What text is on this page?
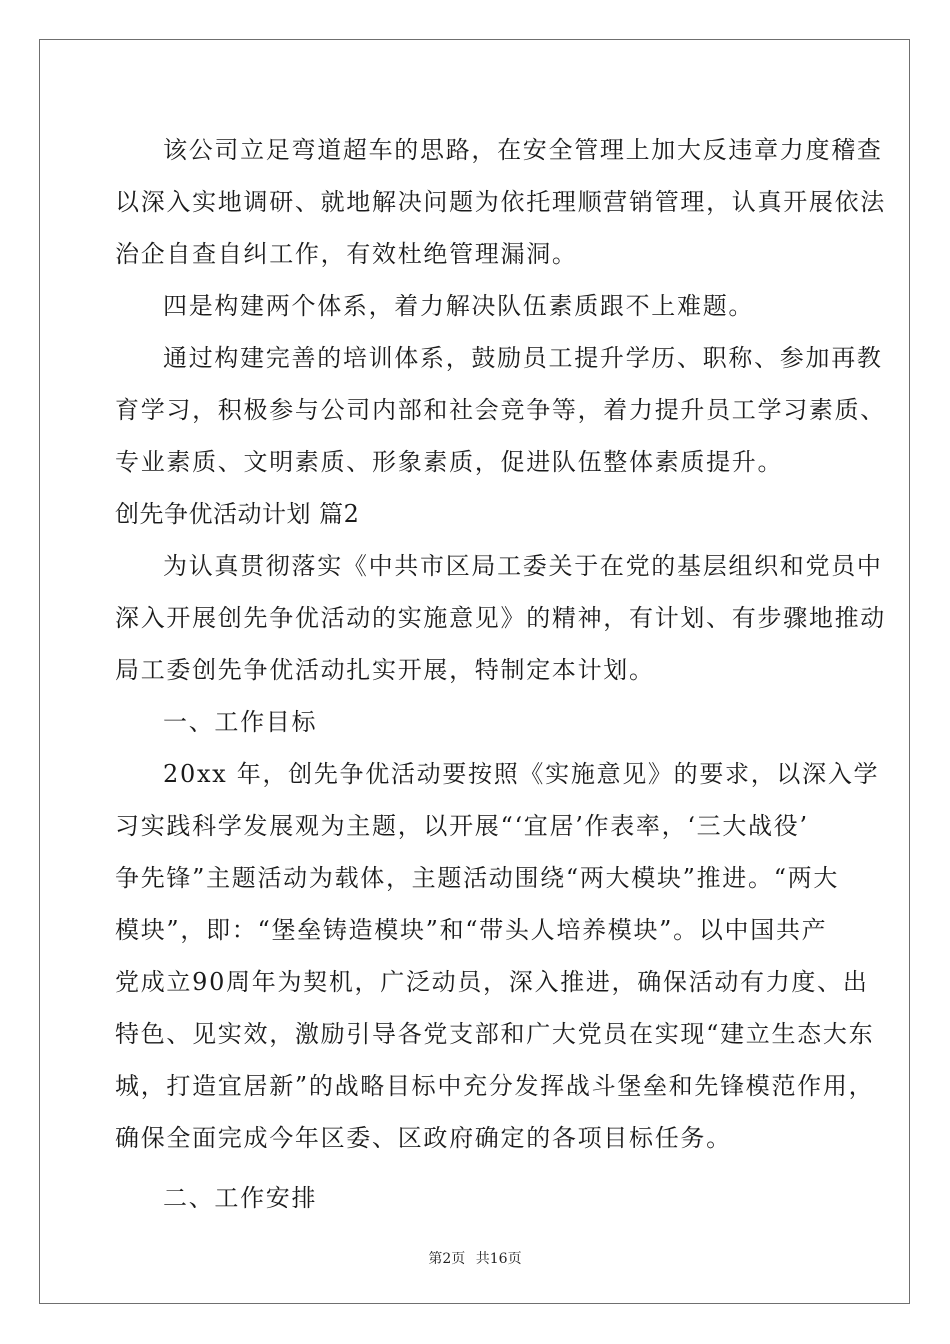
该公司立足弯道超车的思路，在安全管理上加大反违章力度稽查
以深入实地调研、就地解决问题为依托理顺营销管理，认真开展依法
治企自查自纠工作，有效杜绝管理漏洞。
四是构建两个体系，着力解决队伍素质跟不上难题。
通过构建完善的培训体系，鼓励员工提升学历、职称、参加再教
育学习，积极参与公司内部和社会竞争等，着力提升员工学习素质、
专业素质、文明素质、形象素质，促进队伍整体素质提升。
创先争优活动计划 篇2
为认真贯彻落实《中共市区局工委关于在党的基层组织和党员中
深入开展创先争优活动的实施意见》的精神，有计划、有步骤地推动
局工委创先争优活动扎实开展，特制定本计划。
一、工作目标
20xx 年，创先争优活动要按照《实施意见》的要求，以深入学
习实践科学发展观为主题，以开展“‘宜居’作表率，‘三大战役’
争先锋”主题活动为载体，主题活动围绕“两大模块”推进。“两大
模块”，即：“堡垒铸造模块”和“带头人培养模块”。以中国共产
党成立90周年为契机，广泛动员，深入推进，确保活动有力度、出
特色、见实效，激励引导各党支部和广大党员在实现“建立生态大东
城，打造宜居新”的战略目标中充分发挥战斗堡垒和先锋模范作用，
确保全面完成今年区委、区政府确定的各项目标任务。
二、工作安排
第2页 共16页
